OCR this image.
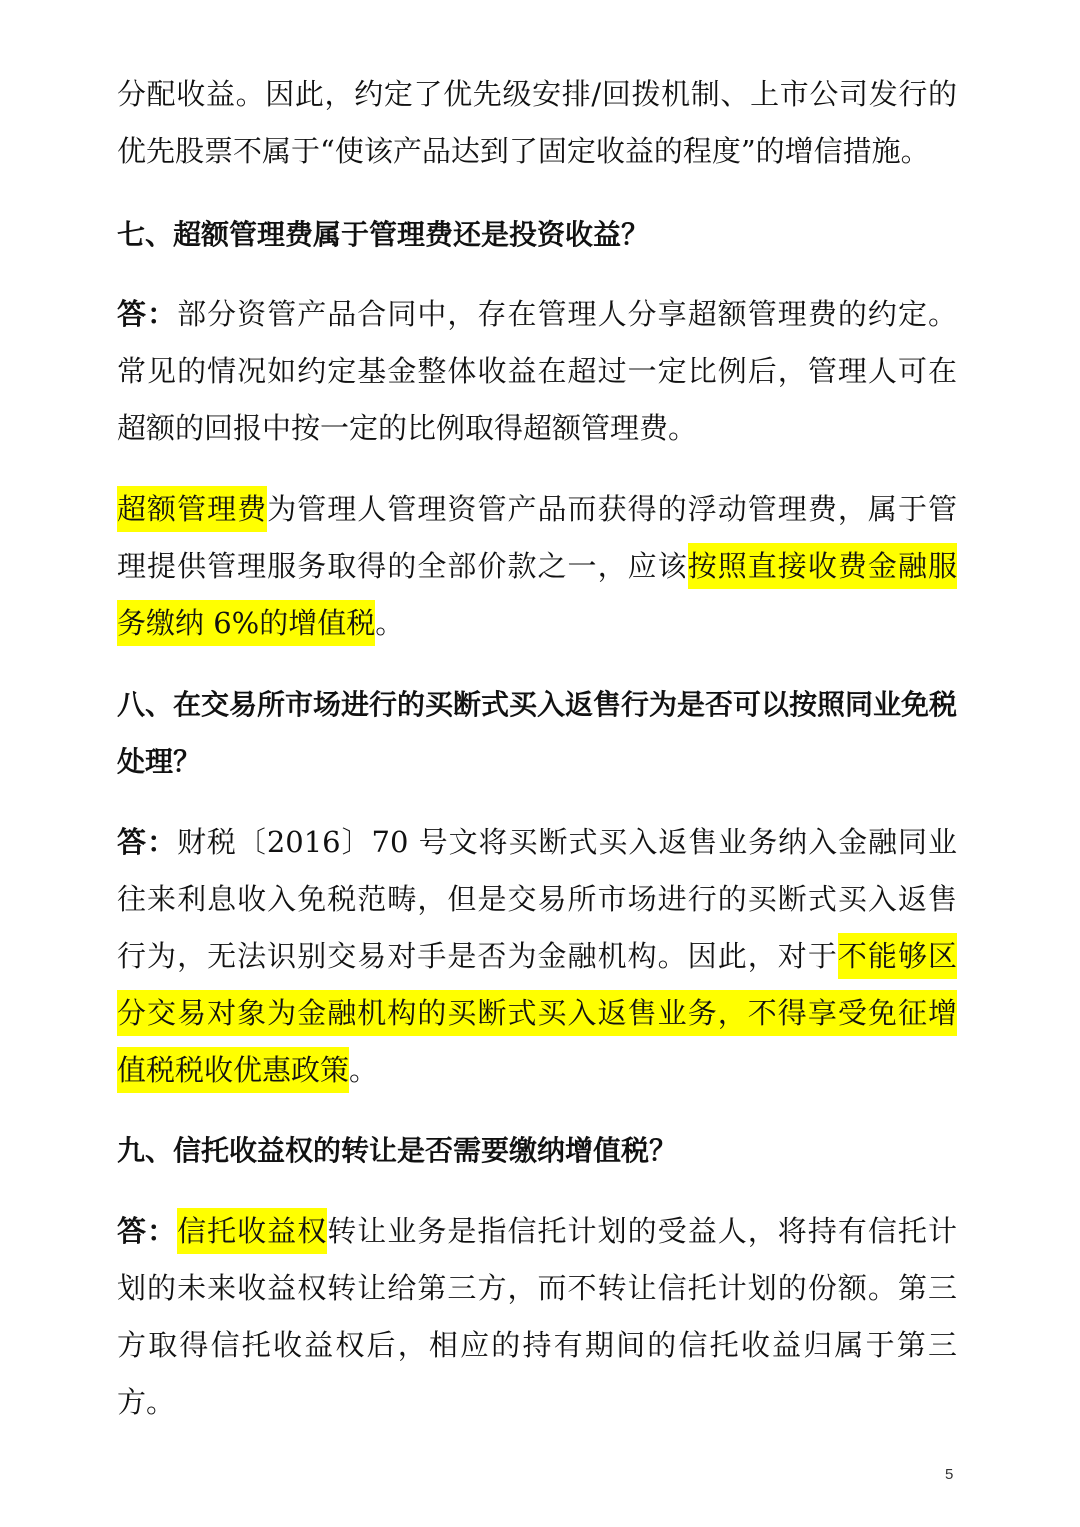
分配收益。因此，约定了优先级安排/回拨机制、上市公司发行的优先股票不属于“使该产品达到了固定收益的程度”的增信措施。

七、超额管理费属于管理费还是投资收益？

答：部分资管产品合同中，存在管理人分享超额管理费的约定。常见的情况如约定基金整体收益在超过一定比例后，管理人可在超额的回报中按一定的比例取得超额管理费。

超额管理费为管理人管理资管产品而获得的浮动管理费，属于管理提供管理服务取得的全部价款之一，应该按照直接收费金融服务缴纳 6%的增值税。

八、在交易所市场进行的买断式买入返售行为是否可以按照同业免税处理？

答：财税〔2016〕70 号文将买断式买入返售业务纳入金融同业往来利息收入免税范畴，但是交易所市场进行的买断式买入返售行为，无法识别交易对手是否为金融机构。因此，对于不能够区分交易对象为金融机构的买断式买入返售业务，不得享受免征增值税税收优惠政策。

九、信托收益权的转让是否需要缴纳增值税？

答：信托收益权转让业务是指信托计划的受益人，将持有信托计划的未来收益权转让给第三方，而不转让信托计划的份额。第三方取得信托收益权后，相应的持有期间的信托收益归属于第三方。

5
